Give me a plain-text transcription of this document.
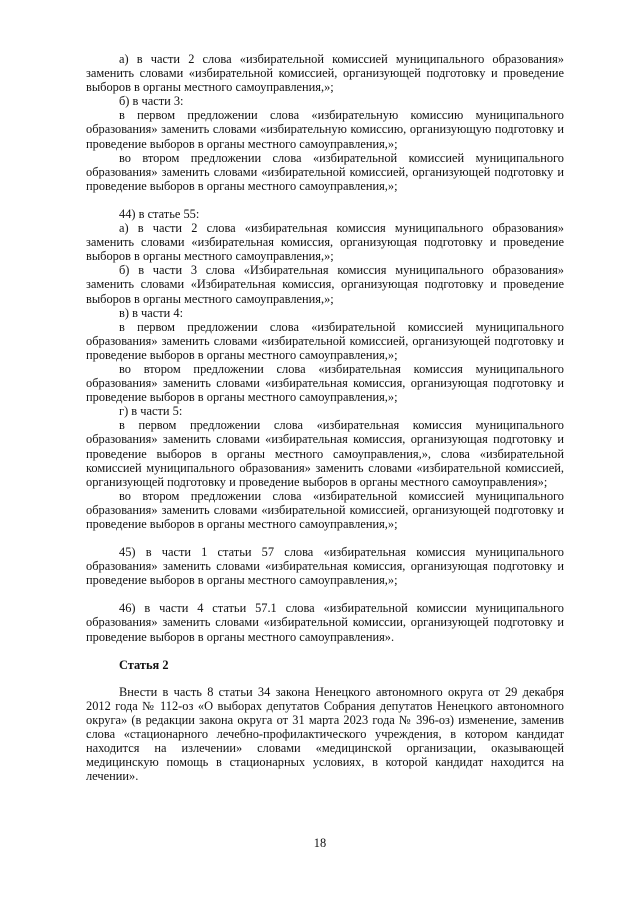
а) в части 2 слова «избирательной комиссией муниципального образования» заменить словами «избирательной комиссией, организующей подготовку и проведение выборов в органы местного самоуправления,»;

б) в части 3:

в первом предложении слова «избирательную комиссию муниципального образования» заменить словами «избирательную комиссию, организующую подготовку и проведение выборов в органы местного самоуправления,»;

во втором предложении слова «избирательной комиссией муниципального образования» заменить словами «избирательной комиссией, организующей подготовку и проведение выборов в органы местного самоуправления,»;

44) в статье 55:

а) в части 2 слова «избирательная комиссия муниципального образования» заменить словами «избирательная комиссия, организующая подготовку и проведение выборов в органы местного самоуправления,»;

б) в части 3 слова «Избирательная комиссия муниципального образования» заменить словами «Избирательная комиссия, организующая подготовку и проведение выборов в органы местного самоуправления,»;

в) в части 4:

в первом предложении слова «избирательной комиссией муниципального образования» заменить словами «избирательной комиссией, организующей подготовку и проведение выборов в органы местного самоуправления,»;

во втором предложении слова «избирательная комиссия муниципального образования» заменить словами «избирательная комиссия, организующая подготовку и проведение выборов в органы местного самоуправления,»;

г) в части 5:

в первом предложении слова «избирательная комиссия муниципального образования» заменить словами «избирательная комиссия, организующая подготовку и проведение выборов в органы местного самоуправления,», слова «избирательной комиссией муниципального образования» заменить словами «избирательной комиссией, организующей подготовку и проведение выборов в органы местного самоуправления»;

во втором предложении слова «избирательной комиссией муниципального образования» заменить словами «избирательной комиссией, организующей подготовку и проведение выборов в органы местного самоуправления,»;

45) в части 1 статьи 57 слова «избирательная комиссия муниципального образования» заменить словами «избирательная комиссия, организующая подготовку и проведение выборов в органы местного самоуправления,»;

46) в части 4 статьи 57.1 слова «избирательной комиссии муниципального образования» заменить словами «избирательной комиссии, организующей подготовку и проведение выборов в органы местного самоуправления».

Статья 2

Внести в часть 8 статьи 34 закона Ненецкого автономного округа от 29 декабря 2012 года № 112-оз «О выборах депутатов Собрания депутатов Ненецкого автономного округа» (в редакции закона округа от 31 марта 2023 года № 396-оз) изменение, заменив слова «стационарного лечебно-профилактического учреждения, в котором кандидат находится на излечении» словами «медицинской организации, оказывающей медицинскую помощь в стационарных условиях, в которой кандидат находится на лечении».

18
